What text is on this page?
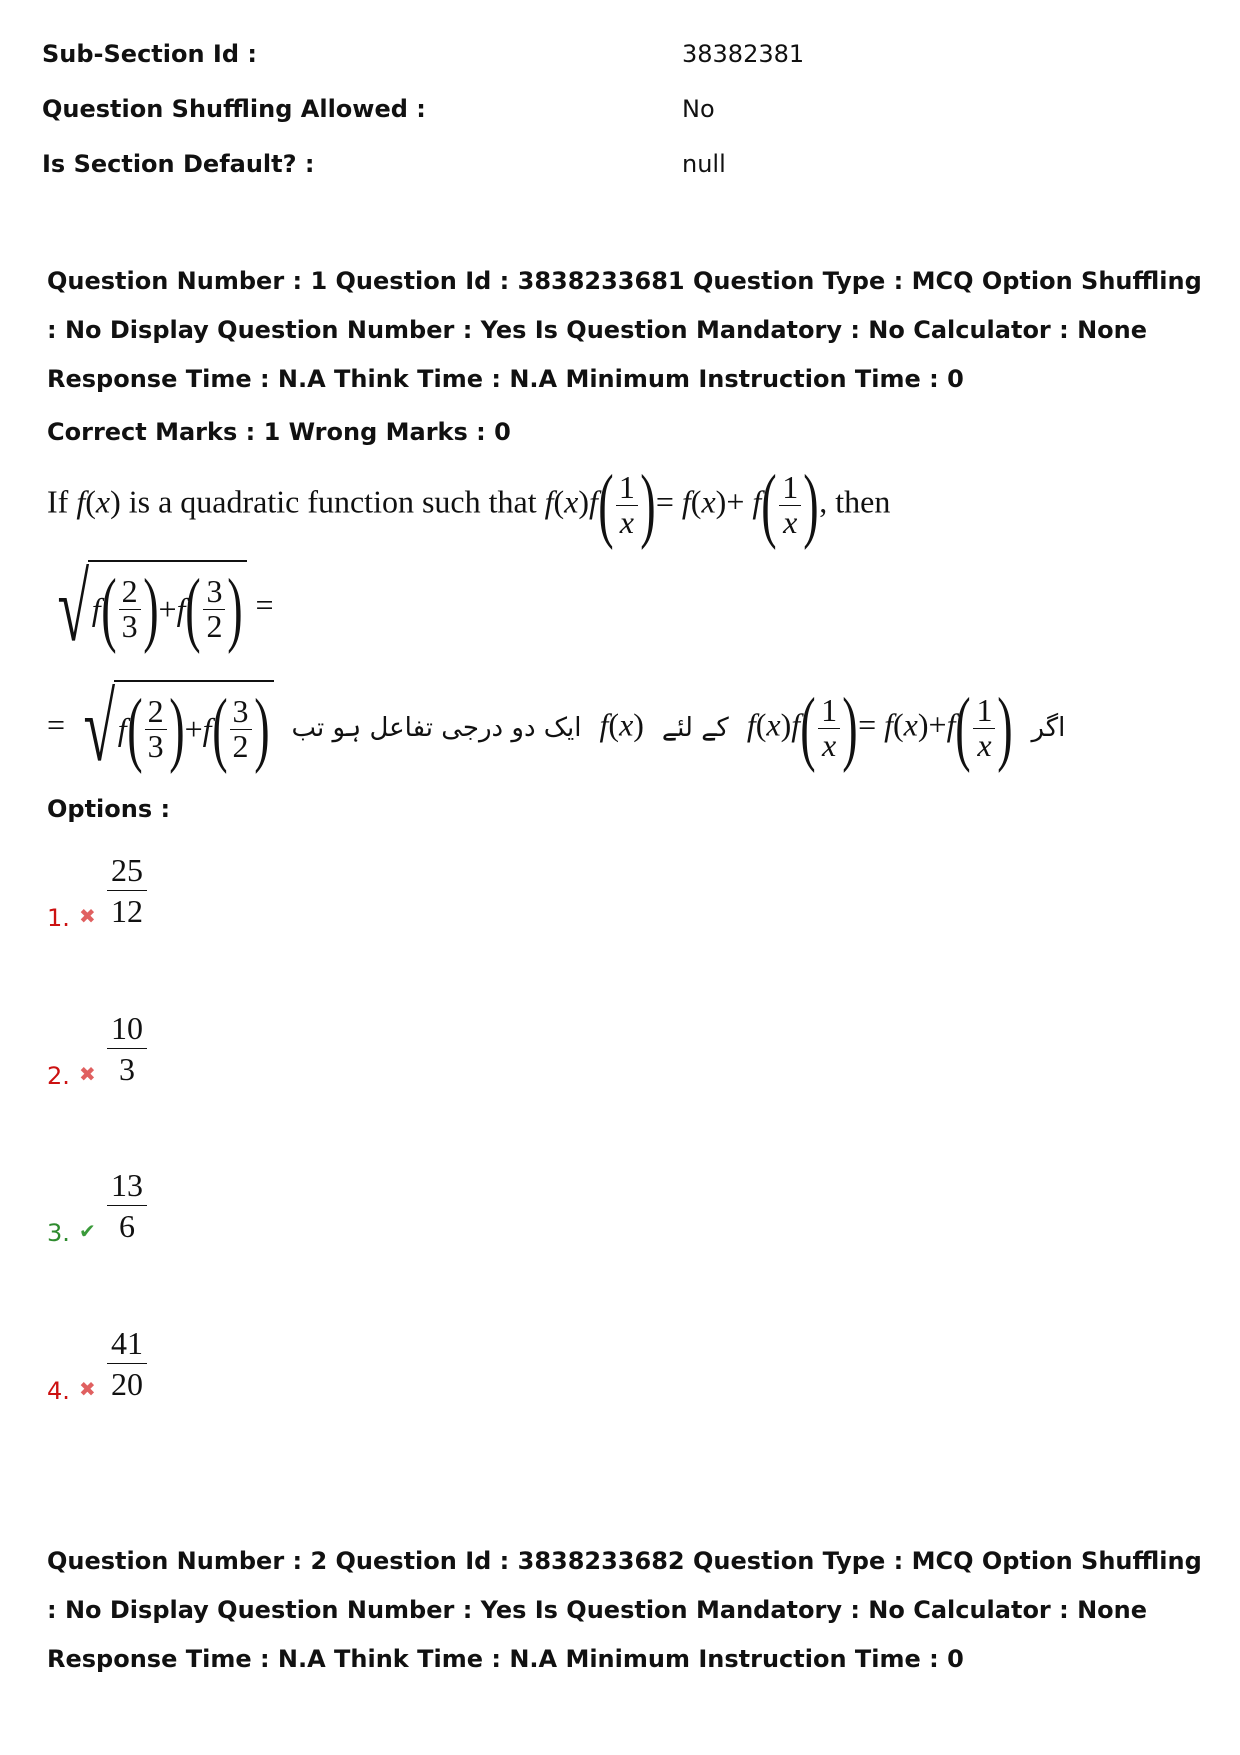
Sub-Section Id :	38382381
Question Shuffling Allowed :	No
Is Section Default? :	null
Question Number : 1 Question Id : 3838233681 Question Type : MCQ Option Shuffling : No Display Question Number : Yes Is Question Mandatory : No Calculator : None Response Time : N.A Think Time : N.A Minimum Instruction Time : 0
Correct Marks : 1 Wrong Marks : 0
If f(x) is a quadratic function such that $f(x)f( \frac{1}{x}$ )= $f(x)+ f( \frac{1}{x}$ ), then
√ f ( $\frac{2}{3}$ ) + f ( $\frac{3}{2}$ ) =
= √ f ( $\frac{2}{3}$ ) + f ( $\frac{3}{2}$ ) ایک دو درجی تفاعل ہو تب f(x) کے لئے $f(x)f( \frac{1}{x}$ )= $f(x)+f( \frac{1}{x}$ ) اگر
Options :
1. ✖ $\frac{25}{12}$
2. ✖ $\frac{10}{3}$
3. ✔ $\frac{13}{6}$
4. ✖ $\frac{41}{20}$
Question Number : 2 Question Id : 3838233682 Question Type : MCQ Option Shuffling : No Display Question Number : Yes Is Question Mandatory : No Calculator : None Response Time : N.A Think Time : N.A Minimum Instruction Time : 0
